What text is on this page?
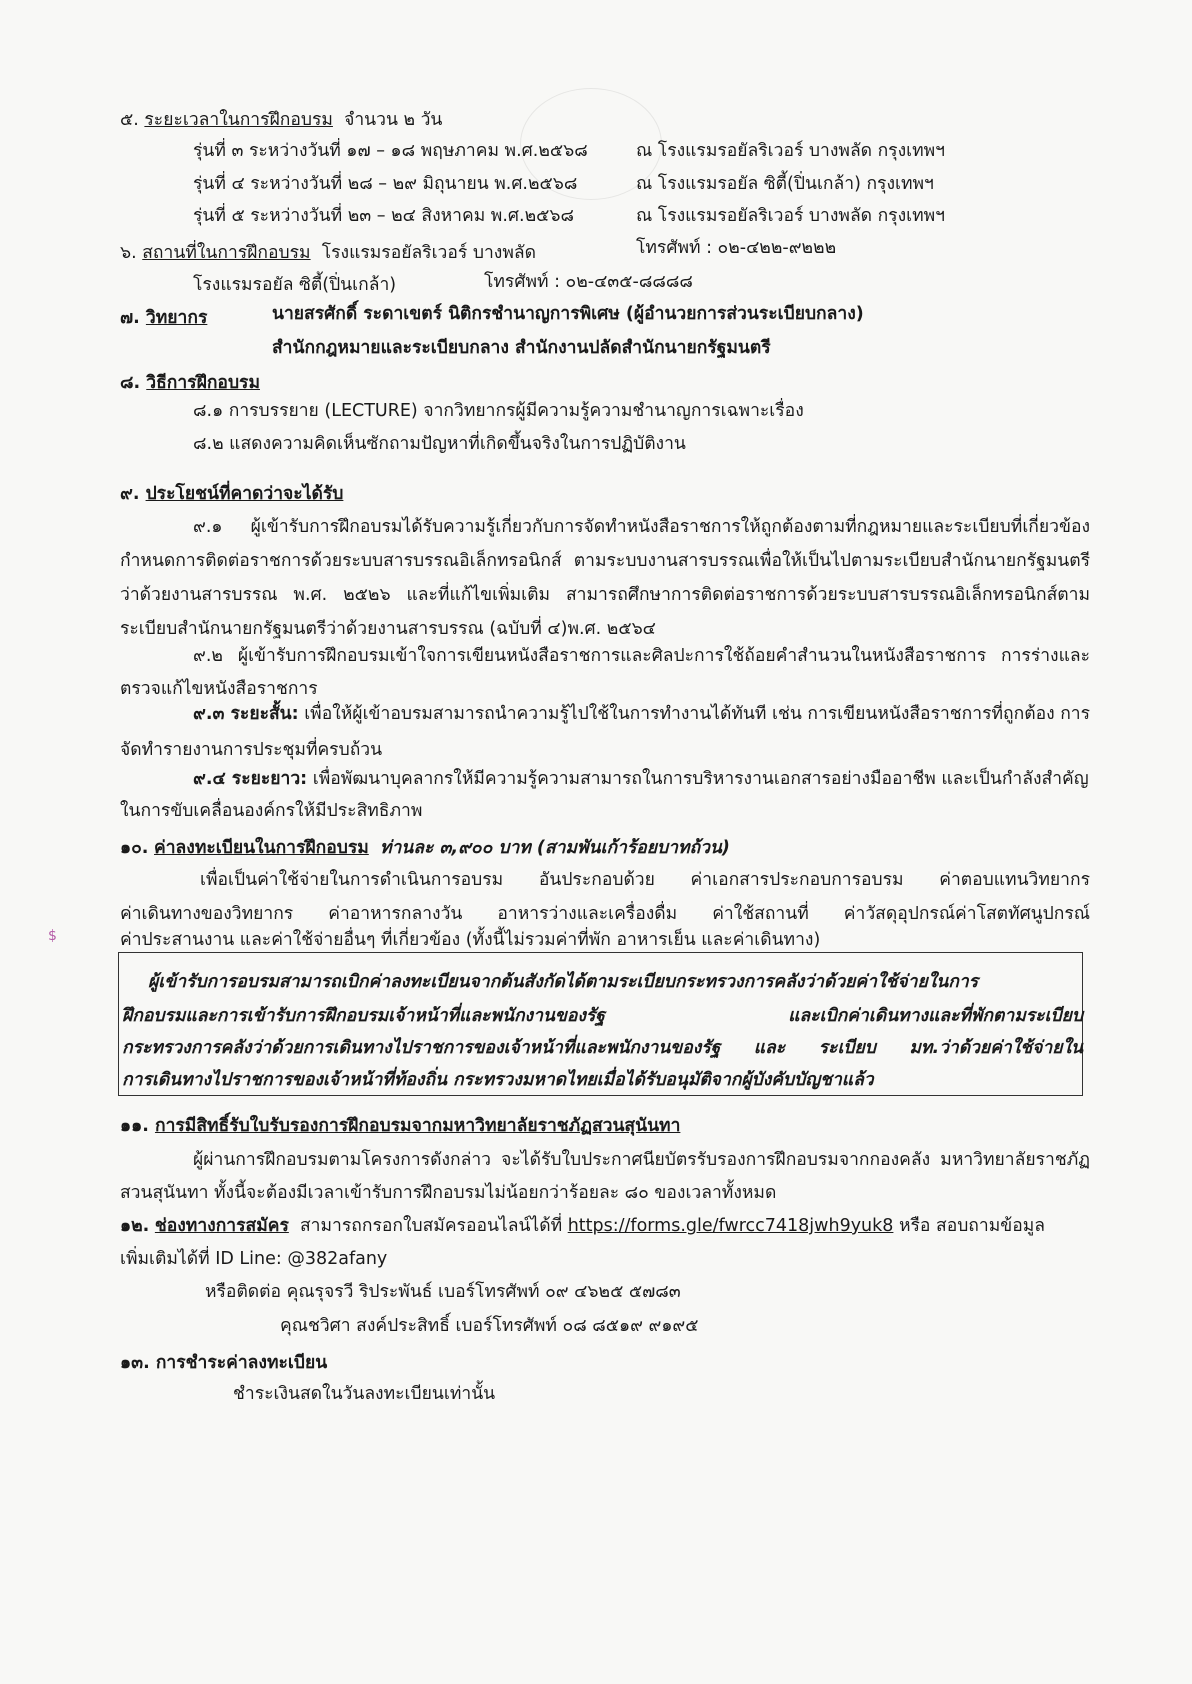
๕. ระยะเวลาในการฝึกอบรม จำนวน ๒ วัน
รุ่นที่ ๓ ระหว่างวันที่ ๑๗ – ๑๘ พฤษภาคม พ.ศ.๒๕๖๘	ณ โรงแรมรอยัลริเวอร์ บางพลัด กรุงเทพฯ
รุ่นที่ ๔ ระหว่างวันที่ ๒๘ – ๒๙ มิถุนายน พ.ศ.๒๕๖๘	ณ โรงแรมรอยัล ซิตี้(ปิ่นเกล้า) กรุงเทพฯ
รุ่นที่ ๕ ระหว่างวันที่ ๒๓ – ๒๔ สิงหาคม พ.ศ.๒๕๖๘	ณ โรงแรมรอยัลริเวอร์ บางพลัด กรุงเทพฯ
๖. สถานที่ในการฝึกอบรม โรงแรมรอยัลริเวอร์ บางพลัด	โทรศัพท์ : ๐๒-๔๒๒-๙๒๒๒
โรงแรมรอยัล ซิตี้(ปิ่นเกล้า)	โทรศัพท์ : ๐๒-๔๓๕-๘๘๘๘
๗. วิทยากร	นายสรศักดิ์ ระดาเขตร์ นิติกรชำนาญการพิเศษ (ผู้อำนวยการส่วนระเบียบกลาง)
สำนักกฎหมายและระเบียบกลาง สำนักงานปลัดสำนักนายกรัฐมนตรี
๘. วิธีการฝึกอบรม
๘.๑ การบรรยาย (LECTURE) จากวิทยากรผู้มีความรู้ความชำนาญการเฉพาะเรื่อง
๘.๒ แสดงความคิดเห็นซักถามปัญหาที่เกิดขึ้นจริงในการปฏิบัติงาน
๙. ประโยชน์ที่คาดว่าจะได้รับ
๙.๑ ผู้เข้ารับการฝึกอบรมได้รับความรู้เกี่ยวกับการจัดทำหนังสือราชการให้ถูกต้องตามที่กฎหมายและระเบียบที่เกี่ยวข้อง
กำหนดการติดต่อราชการด้วยระบบสารบรรณอิเล็กทรอนิกส์ ตามระบบงานสารบรรณเพื่อให้เป็นไปตามระเบียบสำนักนายกรัฐมนตรี
ว่าด้วยงานสารบรรณ พ.ศ. ๒๕๒๖ และที่แก้ไขเพิ่มเติม สามารถศึกษาการติดต่อราชการด้วยระบบสารบรรณอิเล็กทรอนิกส์ตาม
ระเบียบสำนักนายกรัฐมนตรีว่าด้วยงานสารบรรณ (ฉบับที่ ๔)พ.ศ. ๒๕๖๔
๙.๒ ผู้เข้ารับการฝึกอบรมเข้าใจการเขียนหนังสือราชการและศิลปะการใช้ถ้อยคำสำนวนในหนังสือราชการ การร่างและ
ตรวจแก้ไขหนังสือราชการ
๙.๓ ระยะสั้น: เพื่อให้ผู้เข้าอบรมสามารถนำความรู้ไปใช้ในการทำงานได้ทันที เช่น การเขียนหนังสือราชการที่ถูกต้อง การ
จัดทำรายงานการประชุมที่ครบถ้วน
๙.๔ ระยะยาว: เพื่อพัฒนาบุคลากรให้มีความรู้ความสามารถในการบริหารงานเอกสารอย่างมืออาชีพ และเป็นกำลังสำคัญ
ในการขับเคลื่อนองค์กรให้มีประสิทธิภาพ
๑๐. ค่าลงทะเบียนในการฝึกอบรม ท่านละ ๓,๙๐๐ บาท (สามพันเก้าร้อยบาทถ้วน)
เพื่อเป็นค่าใช้จ่ายในการดำเนินการอบรม อันประกอบด้วย ค่าเอกสารประกอบการอบรม ค่าตอบแทนวิทยากร
ค่าเดินทางของวิทยากร ค่าอาหารกลางวัน อาหารว่างและเครื่องดื่ม ค่าใช้สถานที่ ค่าวัสดุอุปกรณ์ค่าโสตทัศนูปกรณ์
ค่าประสานงาน และค่าใช้จ่ายอื่นๆ ที่เกี่ยวข้อง (ทั้งนี้ไม่รวมค่าที่พัก อาหารเย็น และค่าเดินทาง)
$
ผู้เข้ารับการอบรมสามารถเบิกค่าลงทะเบียนจากต้นสังกัดได้ตามระเบียบกระทรวงการคลังว่าด้วยค่าใช้จ่ายในการ
ฝึกอบรมและการเข้ารับการฝึกอบรมเจ้าหน้าที่และพนักงานของรัฐ และเบิกค่าเดินทางและที่พักตามระเบียบ
กระทรวงการคลังว่าด้วยการเดินทางไปราชการของเจ้าหน้าที่และพนักงานของรัฐ และ ระเบียบ มท.ว่าด้วยค่าใช้จ่ายใน
การเดินทางไปราชการของเจ้าหน้าที่ท้องถิ่น กระทรวงมหาดไทยเมื่อได้รับอนุมัติจากผู้บังคับบัญชาแล้ว
๑๑. การมีสิทธิ์รับใบรับรองการฝึกอบรมจากมหาวิทยาลัยราชภัฏสวนสุนันทา
ผู้ผ่านการฝึกอบรมตามโครงการดังกล่าว จะได้รับใบประกาศนียบัตรรับรองการฝึกอบรมจากกองคลัง มหาวิทยาลัยราชภัฏ
สวนสุนันทา ทั้งนี้จะต้องมีเวลาเข้ารับการฝึกอบรมไม่น้อยกว่าร้อยละ ๘๐ ของเวลาทั้งหมด
๑๒. ช่องทางการสมัคร สามารถกรอกใบสมัครออนไลน์ได้ที่ https://forms.gle/fwrcc7418jwh9yuk8 หรือ สอบถามข้อมูล
เพิ่มเติมได้ที่ ID Line: @382afany
หรือติดต่อ คุณรุจรวี ริประพันธ์ เบอร์โทรศัพท์ ๐๙ ๔๖๒๕ ๕๗๘๓
คุณชวิศา สงค์ประสิทธิ์ เบอร์โทรศัพท์ ๐๘ ๘๕๑๙ ๙๑๙๕
๑๓. การชำระค่าลงทะเบียน
ชำระเงินสดในวันลงทะเบียนเท่านั้น
